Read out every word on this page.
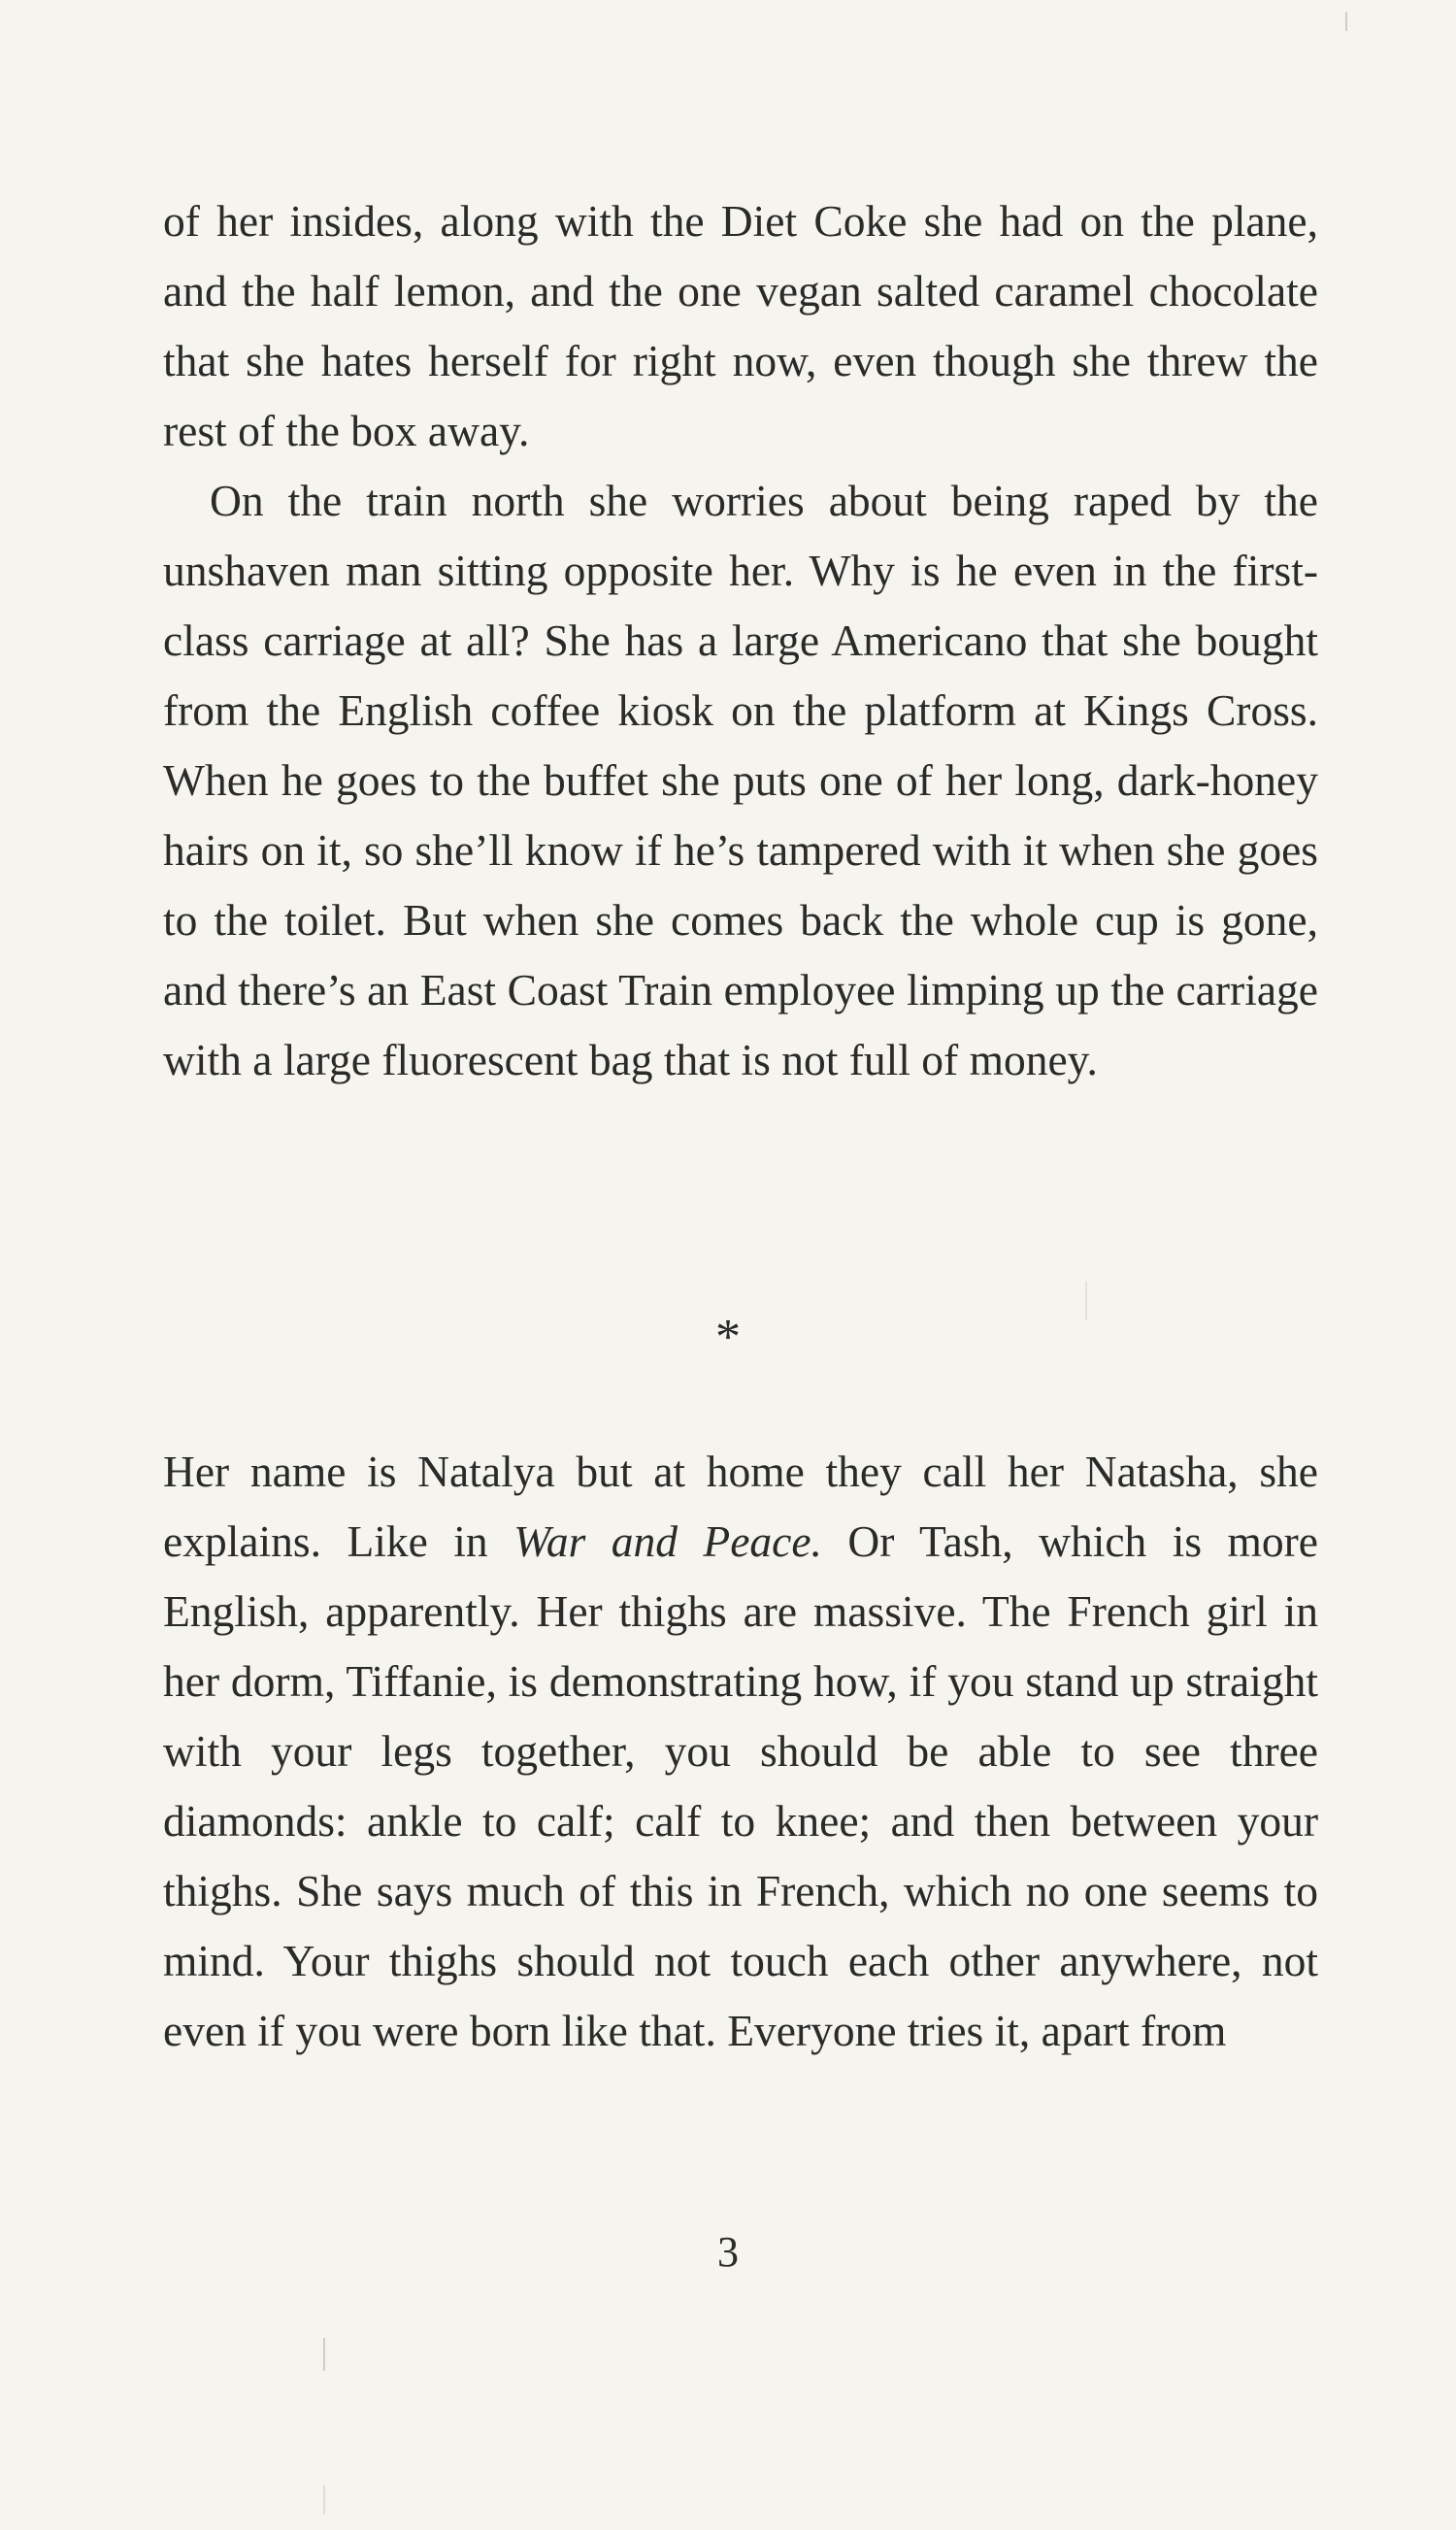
of her insides, along with the Diet Coke she had on the plane, and the half lemon, and the one vegan salted caramel chocolate that she hates herself for right now, even though she threw the rest of the box away.

On the train north she worries about being raped by the unshaven man sitting opposite her. Why is he even in the first-class carriage at all? She has a large Americano that she bought from the English coffee kiosk on the platform at Kings Cross. When he goes to the buffet she puts one of her long, dark-honey hairs on it, so she’ll know if he’s tampered with it when she goes to the toilet. But when she comes back the whole cup is gone, and there’s an East Coast Train employee limping up the carriage with a large fluorescent bag that is not full of money.

*

Her name is Natalya but at home they call her Natasha, she explains. Like in War and Peace. Or Tash, which is more English, apparently. Her thighs are massive. The French girl in her dorm, Tiffanie, is demonstrating how, if you stand up straight with your legs together, you should be able to see three diamonds: ankle to calf; calf to knee; and then between your thighs. She says much of this in French, which no one seems to mind. Your thighs should not touch each other anywhere, not even if you were born like that. Everyone tries it, apart from

3
